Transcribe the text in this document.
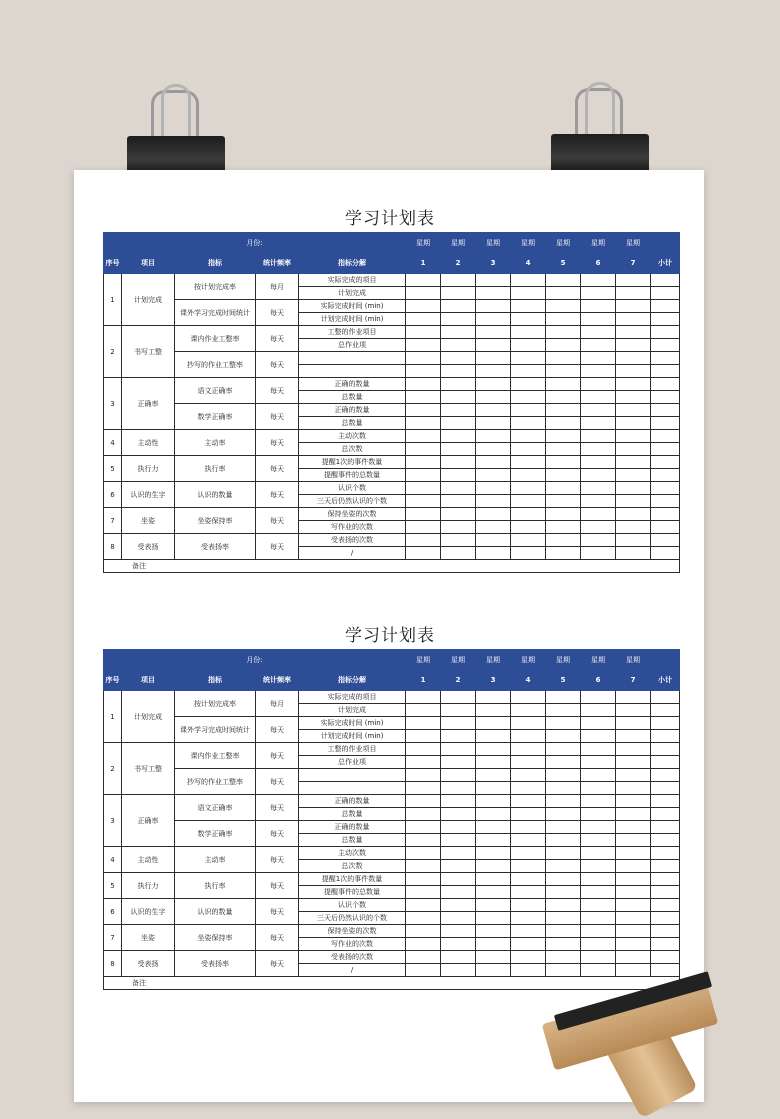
学习计划表
月份:					星期	星期	星期	星期	星期	星期	星期	
序号	项目	指标	统计频率	指标分解	1	2	3	4	5	6	7	小计
1	计划完成	按计划完成率	每月	实际完成的项目								
				计划完成								
		课外学习完成时间统计	每天	实际完成时间 (min)								
				计划完成时间 (min)								
2	书写工整	课内作业工整率	每天	工整的作业项目								
				总作业项								
		抄写的作业工整率	每天									

3	正确率	语文正确率	每天	正确的数量								
				总数量								
		数学正确率	每天	正确的数量								
				总数量								
4	主动性	主动率	每天	主动次数								
				总次数								
5	执行力	执行率	每天	提醒1次的事件数量								
				提醒事件的总数量								
6	认识的生字	认识的数量	每天	认识个数								
				三天后仍然认识的个数								
7	坐姿	坐姿保持率	每天	保持坐姿的次数								
				写作业的次数								
8	受表扬	受表扬率	每天	受表扬的次数								
				/								
备注												
学习计划表
月份:					星期	星期	星期	星期	星期	星期	星期	
序号	项目	指标	统计频率	指标分解	1	2	3	4	5	6	7	小计
1	计划完成	按计划完成率	每月	实际完成的项目								
				计划完成								
		课外学习完成时间统计	每天	实际完成时间 (min)								
				计划完成时间 (min)								
2	书写工整	课内作业工整率	每天	工整的作业项目								
				总作业项								
		抄写的作业工整率	每天									

3	正确率	语文正确率	每天	正确的数量								
				总数量								
		数学正确率	每天	正确的数量								
				总数量								
4	主动性	主动率	每天	主动次数								
				总次数								
5	执行力	执行率	每天	提醒1次的事件数量								
				提醒事件的总数量								
6	认识的生字	认识的数量	每天	认识个数								
				三天后仍然认识的个数								
7	坐姿	坐姿保持率	每天	保持坐姿的次数								
				写作业的次数								
8	受表扬	受表扬率	每天	受表扬的次数								
				/								
备注												
